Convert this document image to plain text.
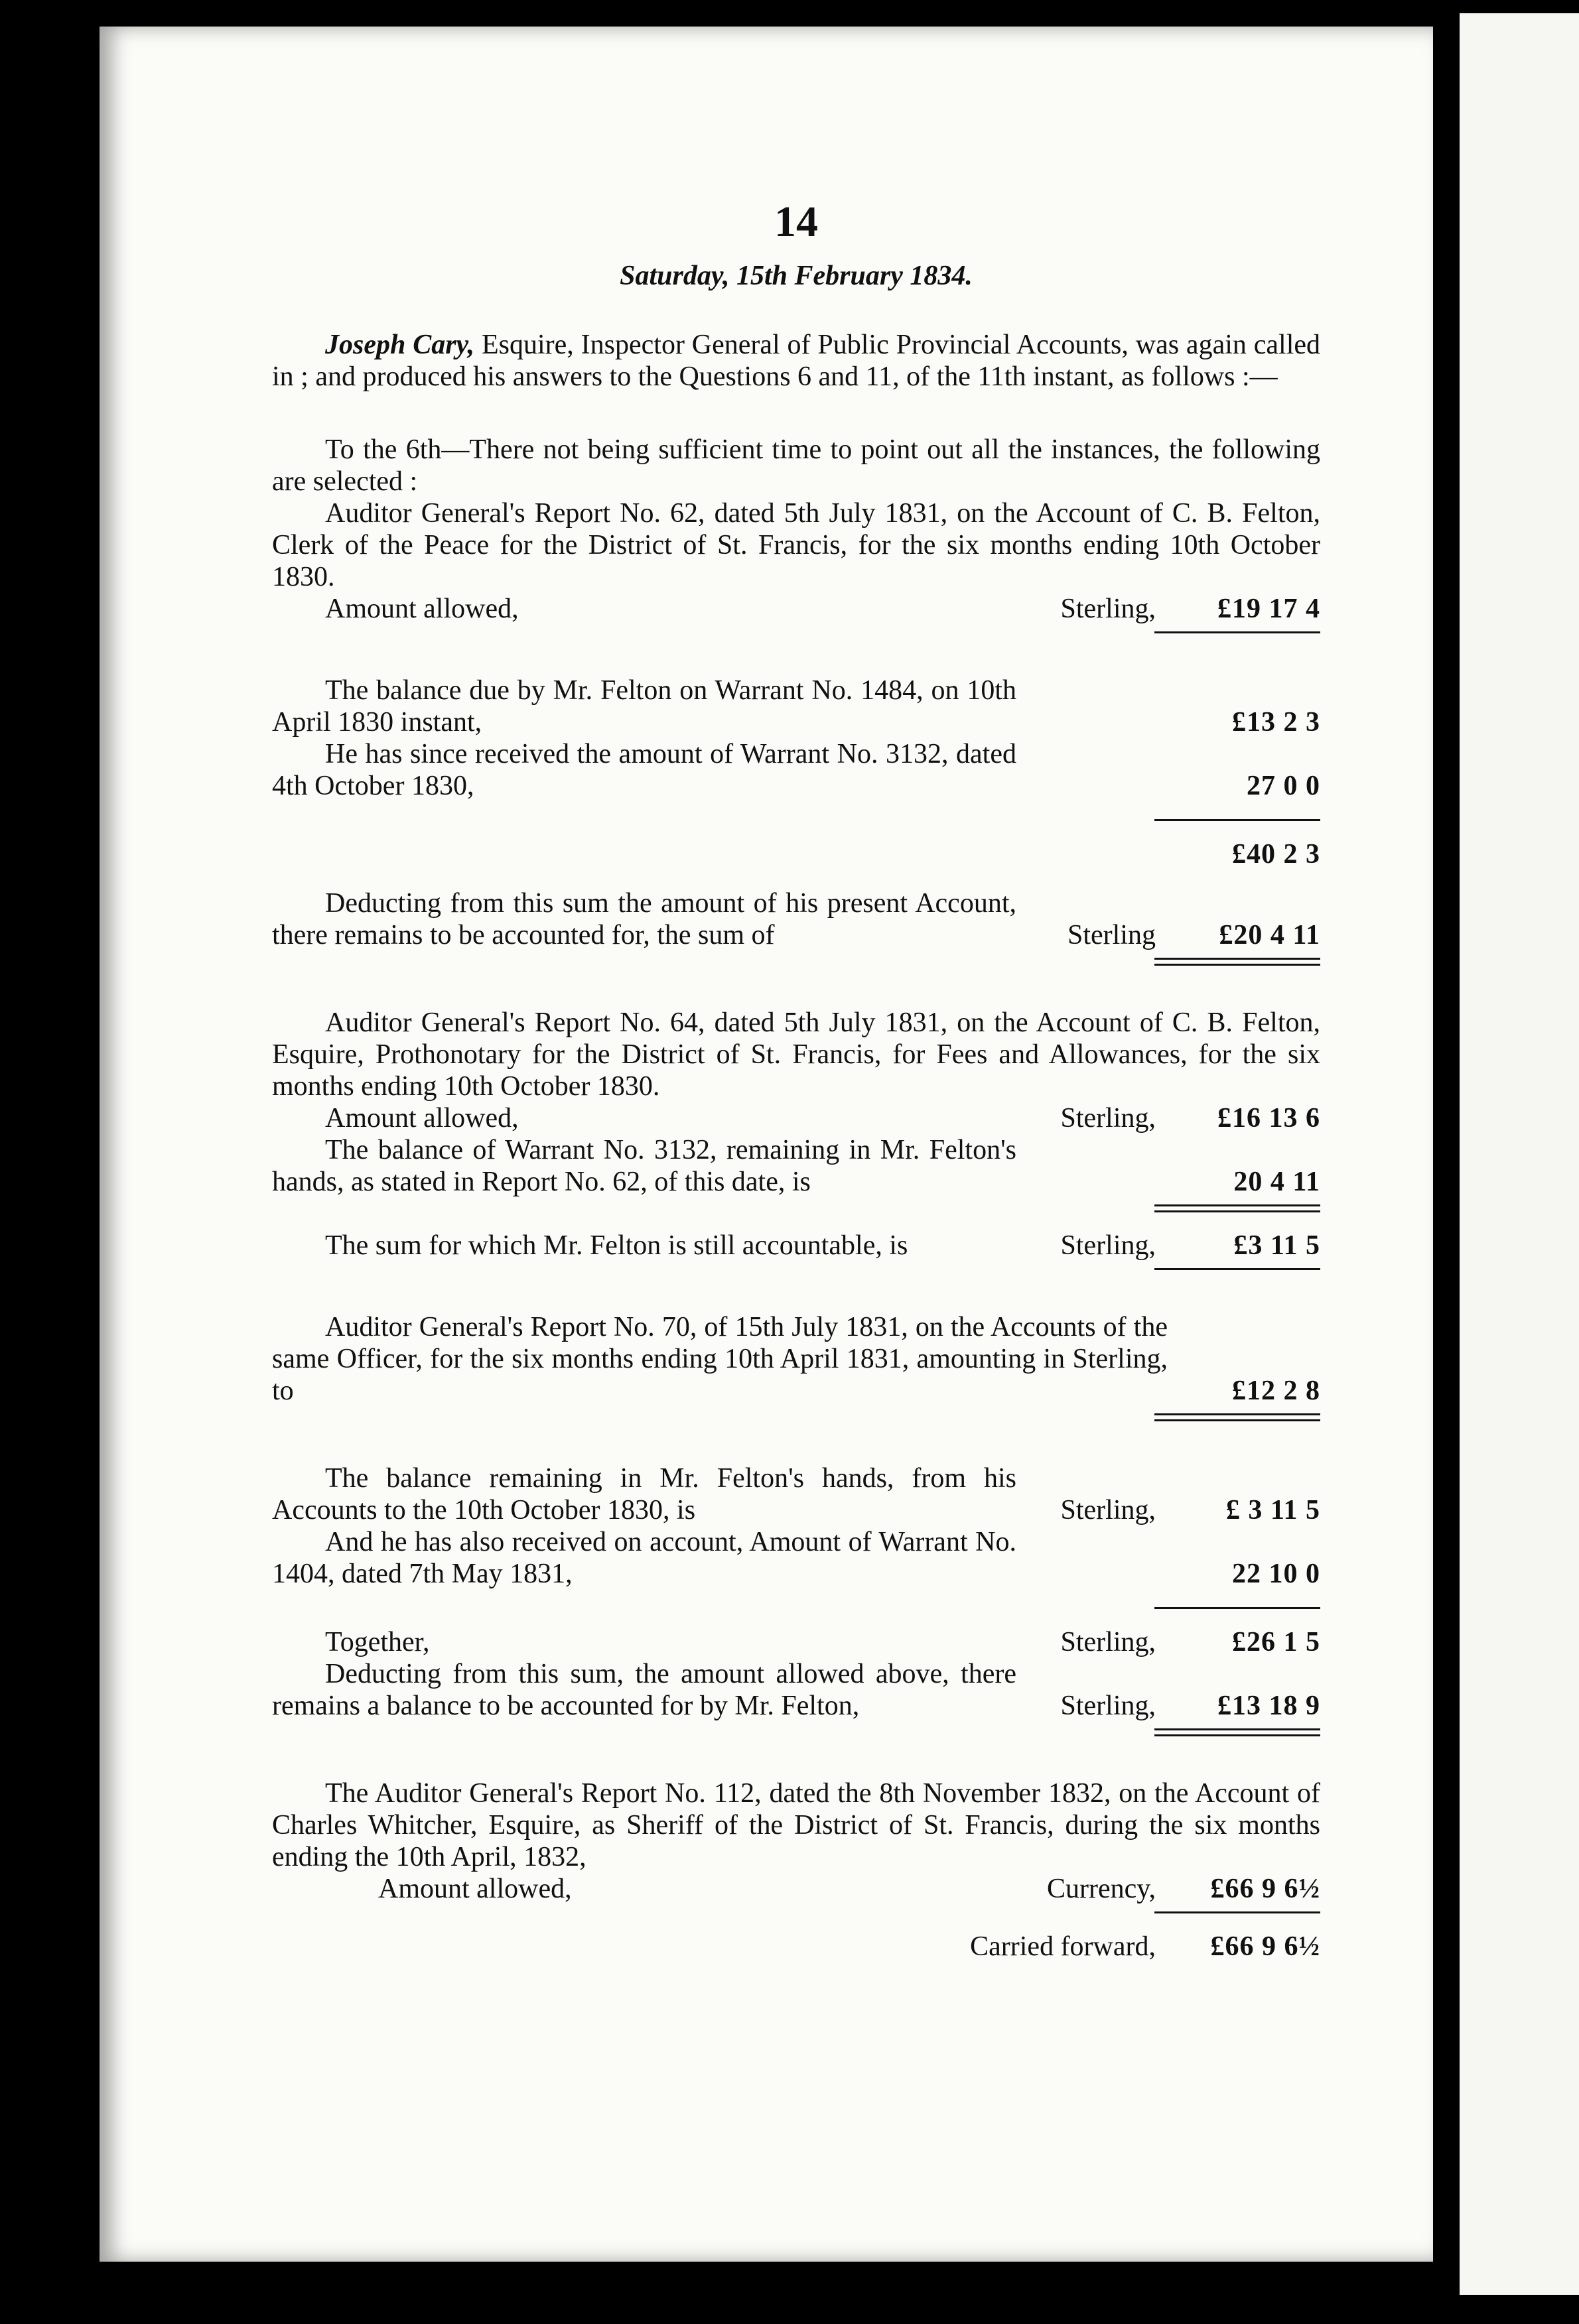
14
Saturday, 15th February 1834.

Joseph Cary, Esquire, Inspector General of Public Provincial Accounts, was again called in ; and produced his answers to the Questions 6 and 11, of the 11th instant, as follows :—

To the 6th—There not being sufficient time to point out all the instances, the following are selected :

Auditor General's Report No. 62, dated 5th July 1831, on the Account of C. B. Felton, Clerk of the Peace for the District of St. Francis, for the six months ending 10th October 1830.

Amount allowed,	Sterling,	£19 17 4
The balance due by Mr. Felton on Warrant No. 1484, on 10th April 1830 instant,	£13 2 3
He has since received the amount of Warrant No. 3132, dated 4th October 1830,	27 0 0
£40 2 3
Deducting from this sum the amount of his present Account, there remains to be accounted for, the sum of	Sterling	£20 4 11

Auditor General's Report No. 64, dated 5th July 1831, on the Account of C. B. Felton, Esquire, Prothonotary for the District of St. Francis, for Fees and Allowances, for the six months ending 10th October 1830.

Amount allowed,	Sterling,	£16 13 6
The balance of Warrant No. 3132, remaining in Mr. Felton's hands, as stated in Report No. 62, of this date, is	20 4 11
The sum for which Mr. Felton is still accountable, is	Sterling,	£3 11 5
Auditor General's Report No. 70, of 15th July 1831, on the Accounts of the same Officer, for the six months ending 10th April 1831, amounting in Sterling, to	£12 2 8
The balance remaining in Mr. Felton's hands, from his Accounts to the 10th October 1830, is	Sterling,	£ 3 11 5
And he has also received on account, Amount of Warrant No. 1404, dated 7th May 1831,	22 10 0
Together,	Sterling,	£26 1 5
Deducting from this sum, the amount allowed above, there remains a balance to be accounted for by Mr. Felton,	Sterling,	£13 18 9

The Auditor General's Report No. 112, dated the 8th November 1832, on the Account of Charles Whitcher, Esquire, as Sheriff of the District of St. Francis, during the six months ending the 10th April, 1832,

Amount allowed,	Currency,	£66 9 6½
Carried forward,	£66 9 6½
